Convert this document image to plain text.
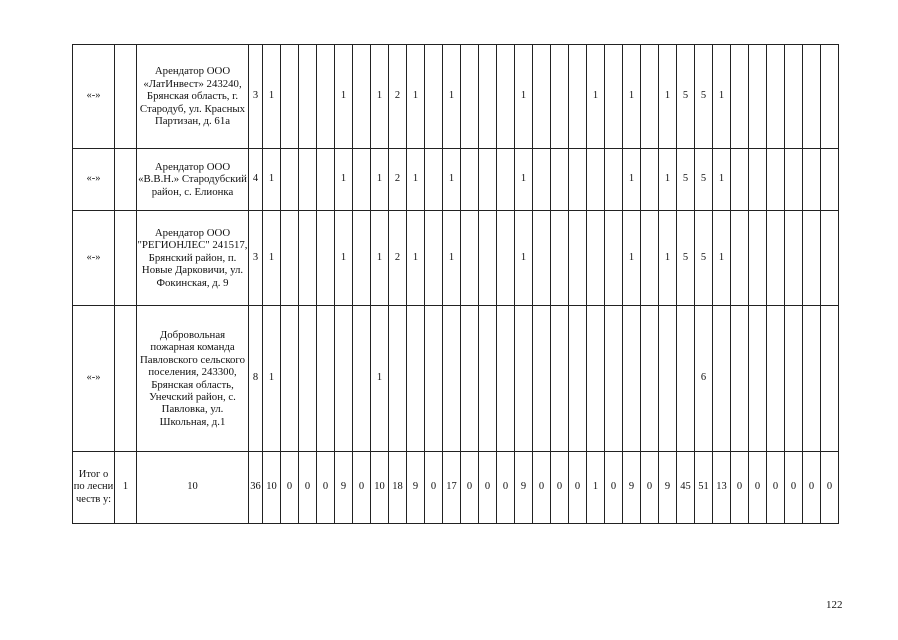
«-»		Арендатор ООО «ЛатИнвест» 243240, Брянская область, г. Стародуб, ул. Красных Партизан, д. 61а	3	1				1		1	2	1		1				1				1		1		1	5	5	1						
«-»		Арендатор ООО «В.В.Н.» Стародубский район, с. Елионка	4	1				1		1	2	1		1				1						1		1	5	5	1						
«-»		Арендатор ООО "РЕГИОНЛЕС" 241517, Брянский район, п. Новые Дарковичи, ул. Фокинская, д. 9	3	1				1		1	2	1		1				1						1		1	5	5	1						
«-»		Добровольная пожарная команда Павловского сельского поселения, 243300, Брянская область, Унечский район, с. Павловка, ул. Школьная, д.1	8	1						1																		6							
Итог о по лесни честв у:	1	10	36	10	0	0	0	9	0	10	18	9	0	17	0	0	0	9	0	0	0	1	0	9	0	9	45	51	13	0	0	0	0	0	0
122
